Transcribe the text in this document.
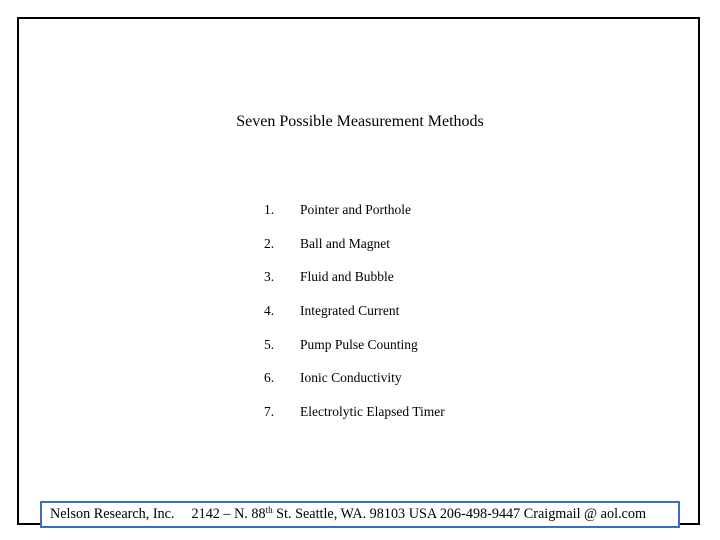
Seven Possible Measurement Methods
1. Pointer and Porthole
2. Ball and Magnet
3. Fluid and Bubble
4. Integrated Current
5. Pump Pulse Counting
6. Ionic Conductivity
7. Electrolytic Elapsed Timer
Nelson Research, Inc. 2142 – N. 88th St. Seattle, WA. 98103 USA 206-498-9447 Craigmail @ aol.com
